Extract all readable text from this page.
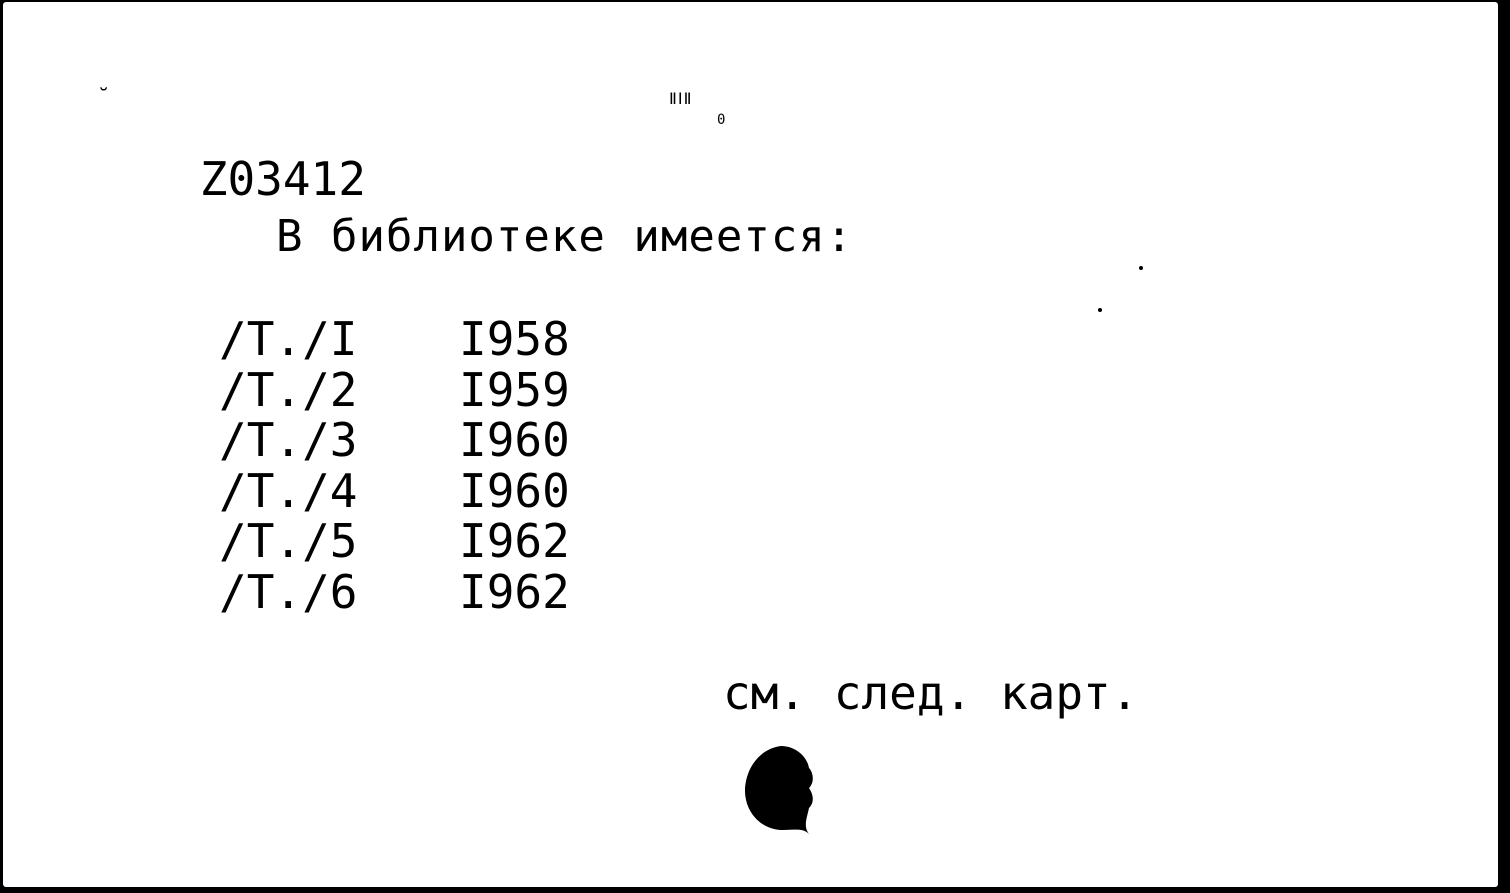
Z03412

˘

	ⅡⅠⅡ
0
В библиотеке имеется:
/Т./I I958
/Т./2 I959
/Т./3 I960
/Т./4 I960
/Т./5 I962
/Т./6 I962
см. след. карт.
